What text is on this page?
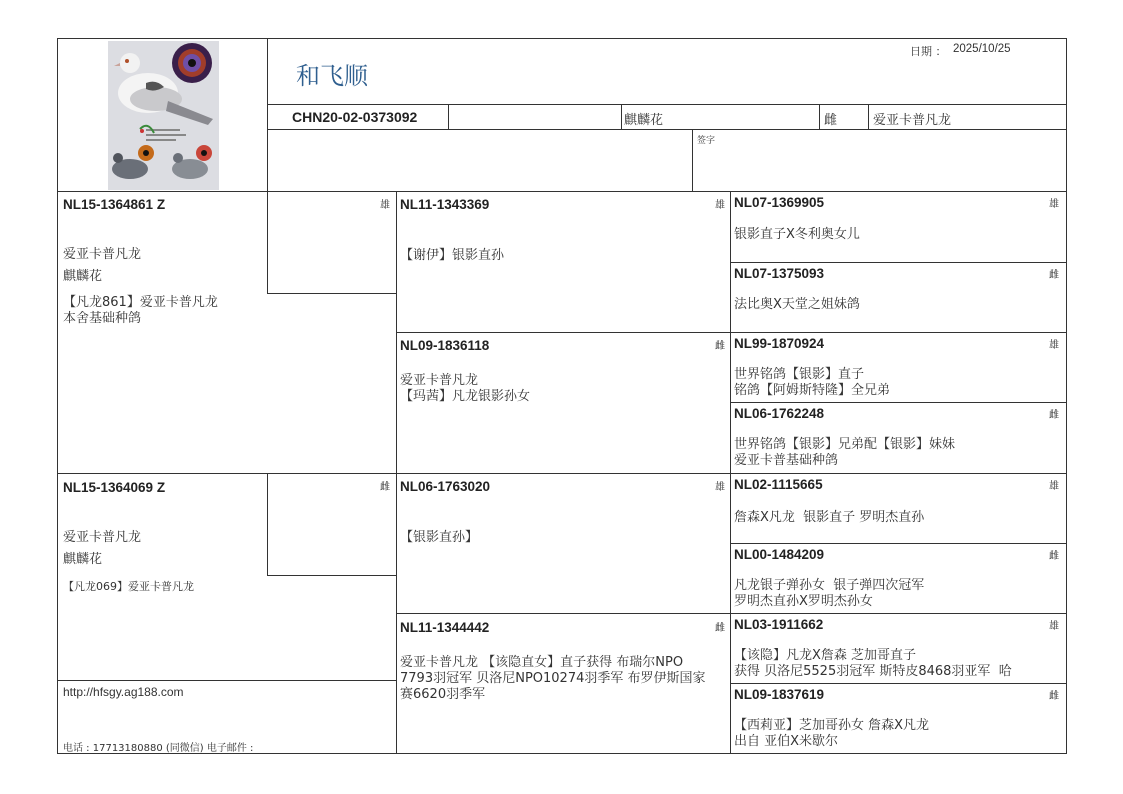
和飞顺
日期 ： 2025/10/25
CHN20-02-0373092	麒麟花	雌	爱亚卡普凡龙
签字
NL15-1364861 Z
爱亚卡普凡龙
麒麟花
【凡龙861】爱亚卡普凡龙
本舍基础种鸽
雄
NL15-1364069 Z
爱亚卡普凡龙
麒麟花
【凡龙069】爱亚卡普凡龙
雌
NL11-1343369	雄
【谢伊】银影直孙
NL09-1836118	雌
爱亚卡普凡龙
【玛茜】凡龙银影孙女
NL06-1763020	雄
【银影直孙】
NL11-1344442	雌
爱亚卡普凡龙 【该隐直女】直子获得 布瑞尔NPO 7793羽冠军 贝洛尼NPO10274羽季军 布罗伊斯国家赛6620羽季军
NL07-1369905	雄
银影直子X冬利奥女儿
NL07-1375093	雌
法比奥X天堂之姐妹鸽
NL99-1870924	雄
世界铭鸽【银影】直子
铭鸽【阿姆斯特隆】全兄弟
NL06-1762248	雌
世界铭鸽【银影】兄弟配【银影】妹妹
爱亚卡普基础种鸽
NL02-1115665	雄
詹森X凡龙  银影直子 罗明杰直孙
NL00-1484209	雌
凡龙银子弹孙女  银子弹四次冠军
罗明杰直孙X罗明杰孙女
NL03-1911662	雄
【该隐】凡龙X詹森 芝加哥直子
获得 贝洛尼5525羽冠军 斯特皮8468羽亚军  哈
NL09-1837619	雌
【西莉亚】芝加哥孙女 詹森X凡龙
出自 亚伯X米歇尔
http://hfsgy.ag188.com
电话 : 17713180880 (同微信) 电子邮件 :
